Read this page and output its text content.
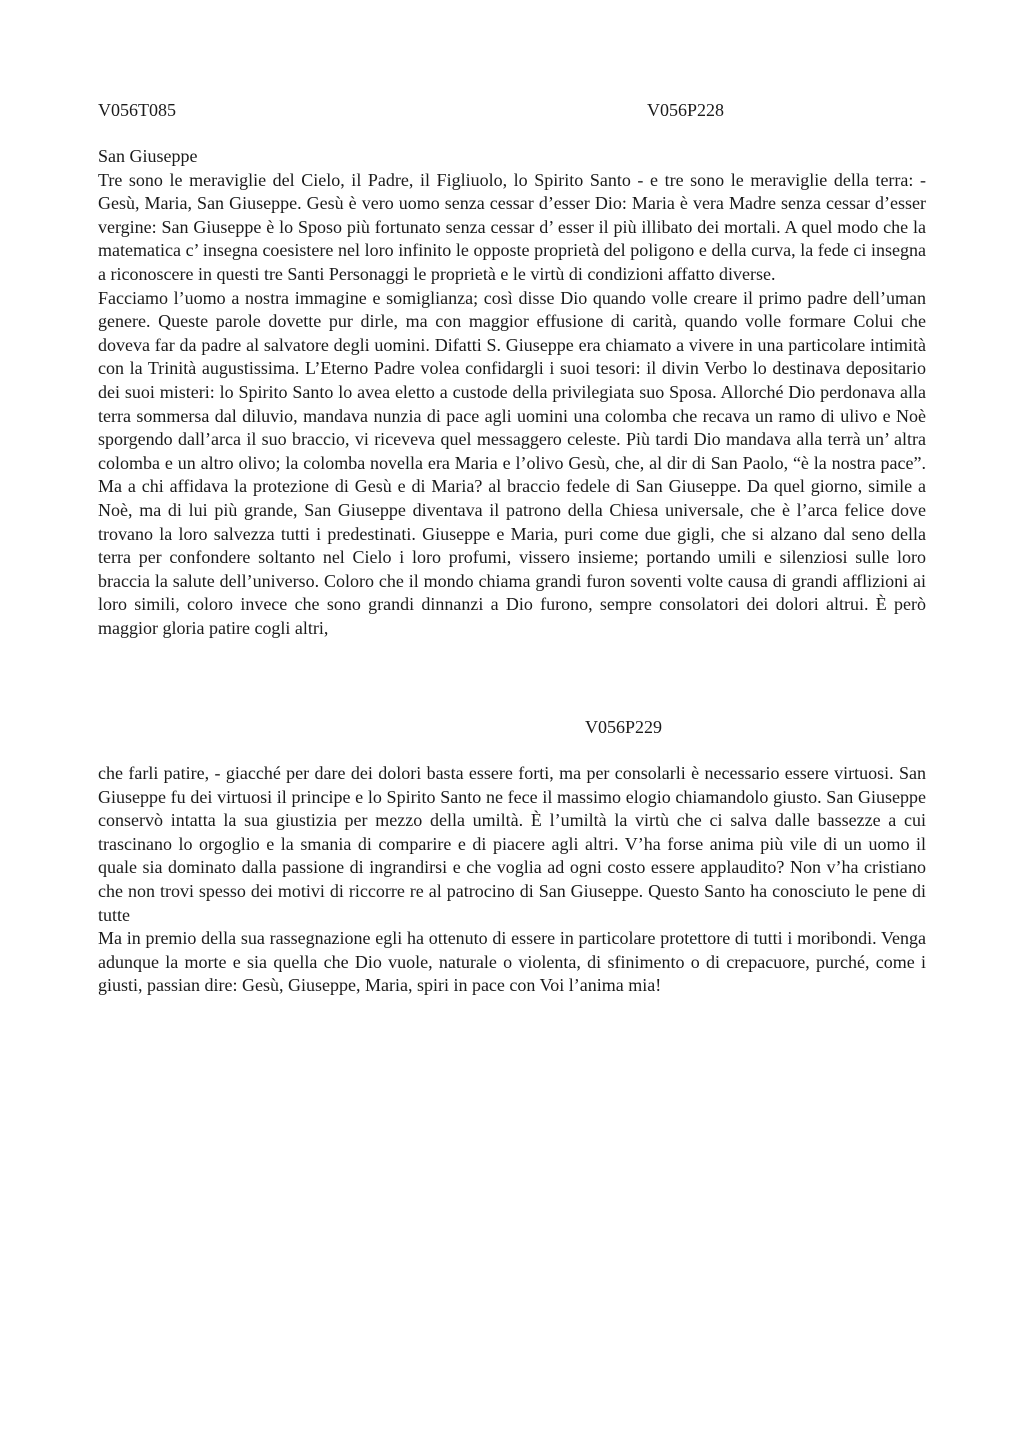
V056T085	V056P228

San Giuseppe

Tre sono le meraviglie del Cielo, il Padre, il Figliuolo, lo Spirito Santo - e tre sono le meraviglie della terra: - Gesù, Maria, San Giuseppe. Gesù è vero uomo senza cessar d’esser Dio: Maria è vera Madre senza cessar d’esser vergine: San Giuseppe è lo Sposo più fortunato senza cessar d’ esser il più illibato dei mortali. A quel modo che la matematica c’ insegna coesistere nel loro infinito le opposte proprietà del poligono e della curva, la fede ci insegna a riconoscere in questi tre Santi Personaggi le proprietà e le virtù di condizioni affatto diverse.

Facciamo l’uomo a nostra immagine e somiglianza; così disse Dio quando volle creare il primo padre dell’uman genere. Queste parole dovette pur dirle, ma con maggior effusione di carità, quando volle formare Colui che doveva far da padre al salvatore degli uomini. Difatti S. Giuseppe era chiamato a vivere in una particolare intimità con la Trinità augustissima. L’Eterno Padre volea confidargli i suoi tesori: il divin Verbo lo destinava depositario dei suoi misteri: lo Spirito Santo lo avea eletto a custode della privilegiata suo Sposa. Allorché Dio perdonava alla terra sommersa dal diluvio, mandava nunzia di pace agli uomini una colomba che recava un ramo di ulivo e Noè sporgendo dall’arca il suo braccio, vi riceveva quel messaggero celeste. Più tardi Dio mandava alla terrà un’ altra colomba e un altro olivo; la colomba novella era Maria e l’olivo Gesù, che, al dir di San Paolo, “è la nostra pace”. Ma a chi affidava la protezione di Gesù e di Maria? al braccio fedele di San Giuseppe. Da quel giorno, simile a Noè, ma di lui più grande, San Giuseppe diventava il patrono della Chiesa universale, che è l’arca felice dove trovano la loro salvezza tutti i predestinati. Giuseppe e Maria, puri come due gigli, che si alzano dal seno della terra per confondere soltanto nel Cielo i loro profumi, vissero insieme; portando umili e silenziosi sulle loro braccia la salute dell’universo. Coloro che il mondo chiama grandi furon soventi volte causa di grandi afflizioni ai loro simili, coloro invece che sono grandi dinnanzi a Dio furono, sempre consolatori dei dolori altrui. È però maggior gloria patire cogli altri,

V056P229

che farli patire, - giacché per dare dei dolori basta essere forti, ma per consolarli è necessario essere virtuosi. San Giuseppe fu dei virtuosi il principe e lo Spirito Santo ne fece il massimo elogio chiamandolo giusto. San Giuseppe conservò intatta la sua giustizia per mezzo della umiltà. È l’umiltà la virtù che ci salva dalle bassezze a cui trascinano lo orgoglio e la smania di comparire e di piacere agli altri. V’ha forse anima più vile di un uomo il quale sia dominato dalla passione di ingrandirsi e che voglia ad ogni costo essere applaudito? Non v’ha cristiano che non trovi spesso dei motivi di riccorre re al patrocino di San Giuseppe. Questo Santo ha conosciuto le pene di tutte

Ma in premio della sua rassegnazione egli ha ottenuto di essere in particolare protettore di tutti i moribondi. Venga adunque la morte e sia quella che Dio vuole, naturale o violenta, di sfinimento o di crepacuore, purché, come i giusti, passian dire: Gesù, Giuseppe, Maria, spiri in pace con Voi l’anima mia!
